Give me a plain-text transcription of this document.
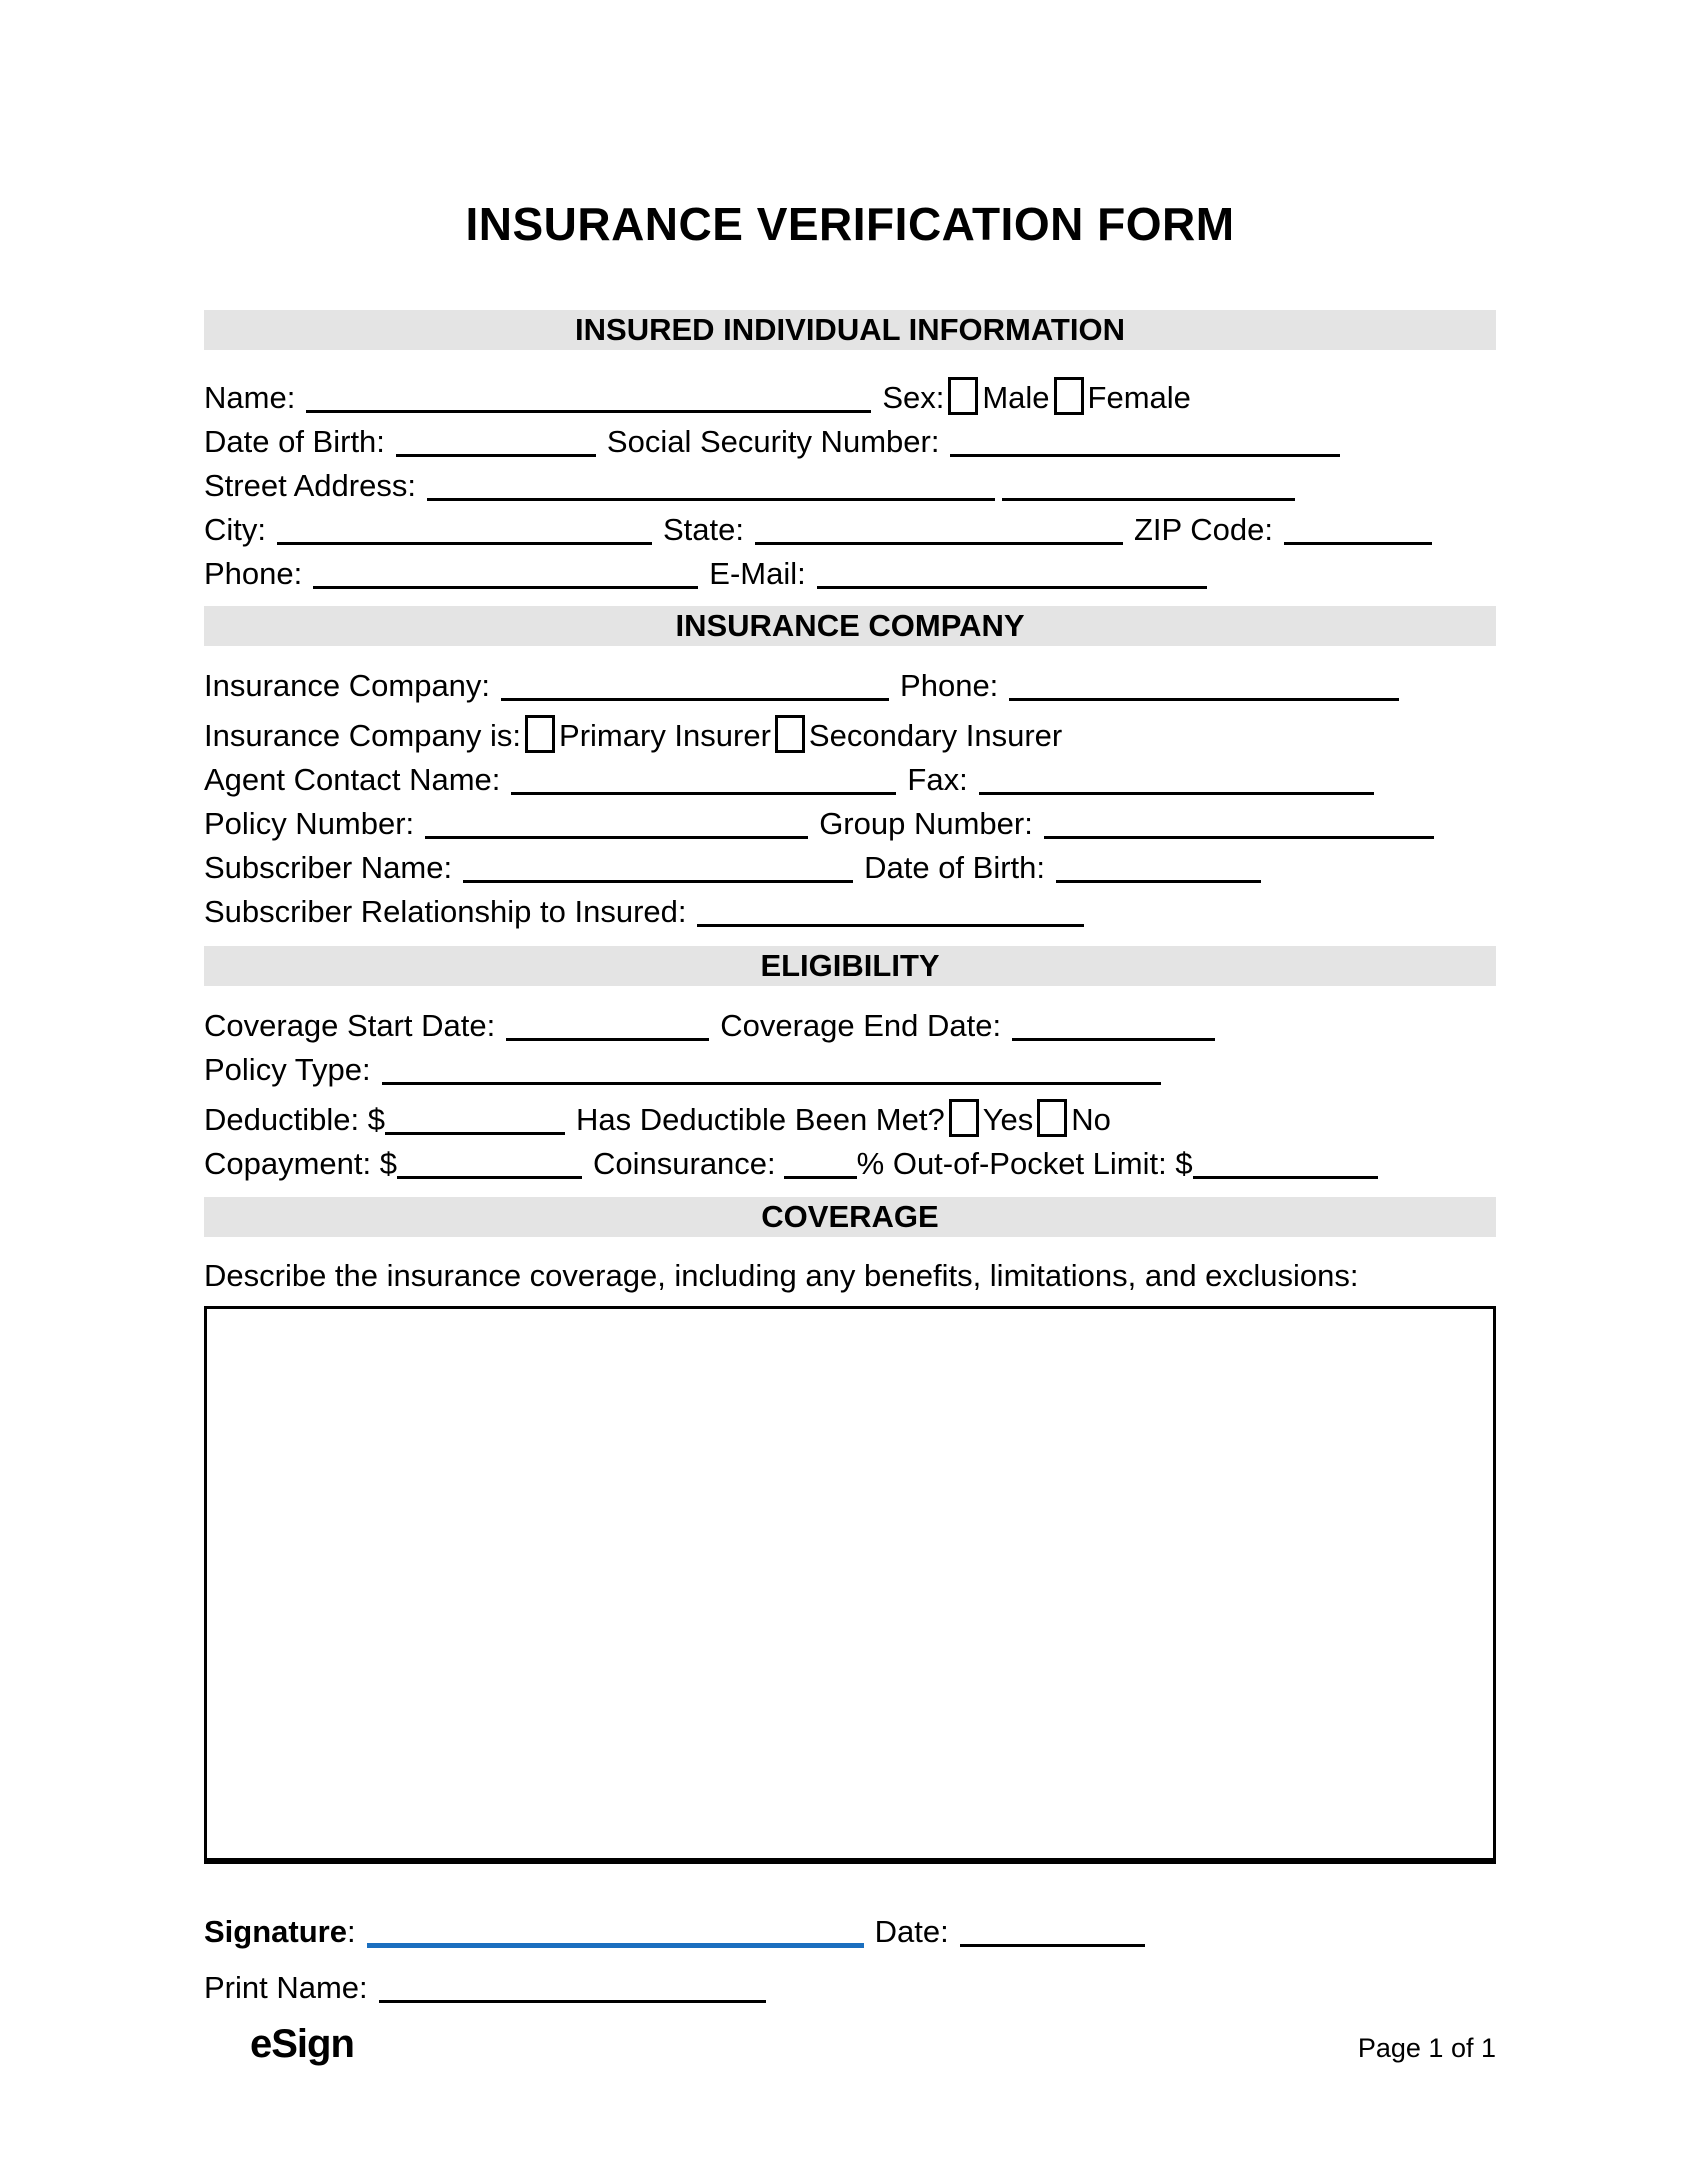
INSURANCE VERIFICATION FORM
INSURED INDIVIDUAL INFORMATION
Name:	Sex: Male Female
Date of Birth:	Social Security Number:
Street Address:
City:	State:	ZIP Code:
Phone:	E-Mail:
INSURANCE COMPANY
Insurance Company:	Phone:
Insurance Company is: Primary Insurer Secondary Insurer
Agent Contact Name:	Fax:
Policy Number:	Group Number:
Subscriber Name:	Date of Birth:
Subscriber Relationship to Insured:
ELIGIBILITY
Coverage Start Date:	Coverage End Date:
Policy Type:
Deductible: $	Has Deductible Been Met? Yes No
Copayment: $	Coinsurance:	% Out-of-Pocket Limit: $
COVERAGE
Describe the insurance coverage, including any benefits, limitations, and exclusions:
Signature:	Date:
Print Name:
eSign	Page 1 of 1
